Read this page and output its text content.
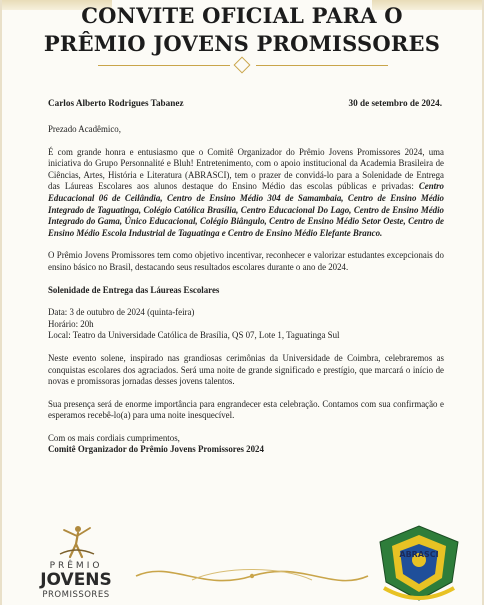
CONVITE OFICIAL PARA O
PRÊMIO JOVENS PROMISSORES
Carlos Alberto Rodrigues Tabanez	30 de setembro de 2024.

Prezado Acadêmico,

É com grande honra e entusiasmo que o Comitê Organizador do Prêmio Jovens Promissores 2024, uma iniciativa do Grupo Personnalité e Bluh! Entretenimento, com o apoio institucional da Academia Brasileira de Ciências, Artes, História e Literatura (ABRASCI), tem o prazer de convidá-lo para a Solenidade de Entrega das Láureas Escolares aos alunos destaque do Ensino Médio das escolas públicas e privadas: Centro Educacional 06 de Ceilândia, Centro de Ensino Médio 304 de Samambaia, Centro de Ensino Médio Integrado de Taguatinga, Colégio Católica Brasília, Centro Educacional Do Lago, Centro de Ensino Médio Integrado do Gama, Único Educacional, Colégio Biângulo, Centro de Ensino Médio Setor Oeste, Centro de Ensino Médio Escola Industrial de Taguatinga e Centro de Ensino Médio Elefante Branco.

O Prêmio Jovens Promissores tem como objetivo incentivar, reconhecer e valorizar estudantes excepcionais do ensino básico no Brasil, destacando seus resultados escolares durante o ano de 2024.

Solenidade de Entrega das Láureas Escolares

Data: 3 de outubro de 2024 (quinta-feira)

Horário: 20h

Local: Teatro da Universidade Católica de Brasília, QS 07, Lote 1, Taguatinga Sul

Neste evento solene, inspirado nas grandiosas cerimônias da Universidade de Coimbra, celebraremos as conquistas escolares dos agraciados. Será uma noite de grande significado e prestígio, que marcará o início de novas e promissoras jornadas desses jovens talentos.

Sua presença será de enorme importância para engrandecer esta celebração. Contamos com sua confirmação e esperamos recebê-lo(a) para uma noite inesquecível.

Com os mais cordiais cumprimentos,

Comitê Organizador do Prêmio Jovens Promissores 2024

PRÊMIO
JOVENS
PROMISSORES
ABRASCI
